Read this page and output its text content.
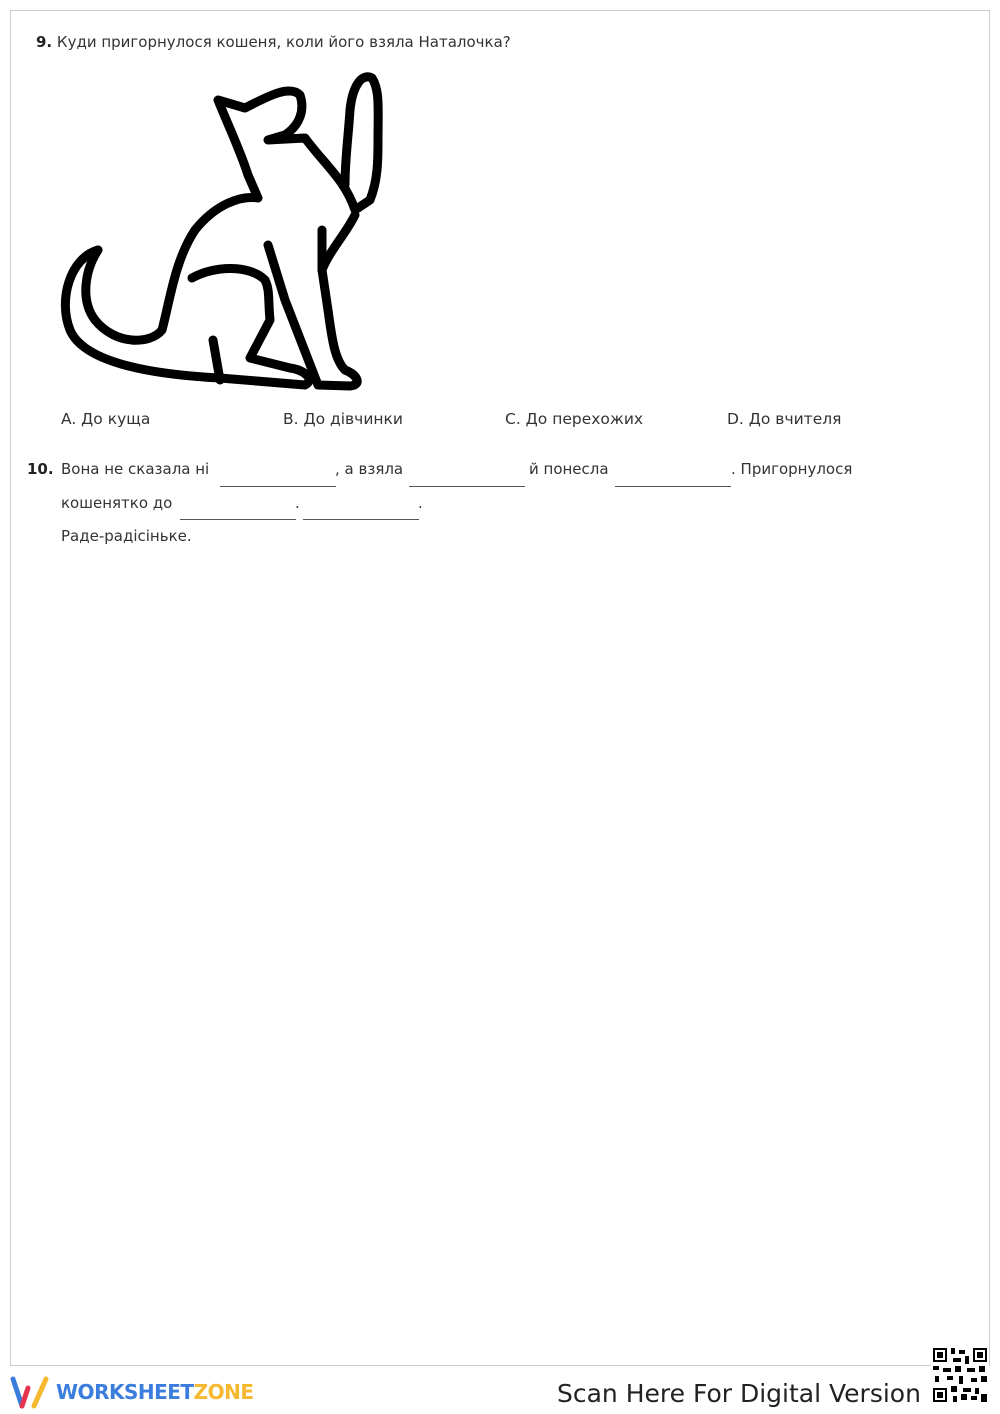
9. Куди пригорнулося кошеня, коли його взяла Наталочка?
A. До куща	B. До дівчинки	C. До перехожих	D. До вчителя
10. Вона не сказала ні	, а взяла	й понесла	. Пригорнулося
кошенятко до	.	.
Раде-радісіньке.
WORKSHEETZONE	Scan Here For Digital Version
